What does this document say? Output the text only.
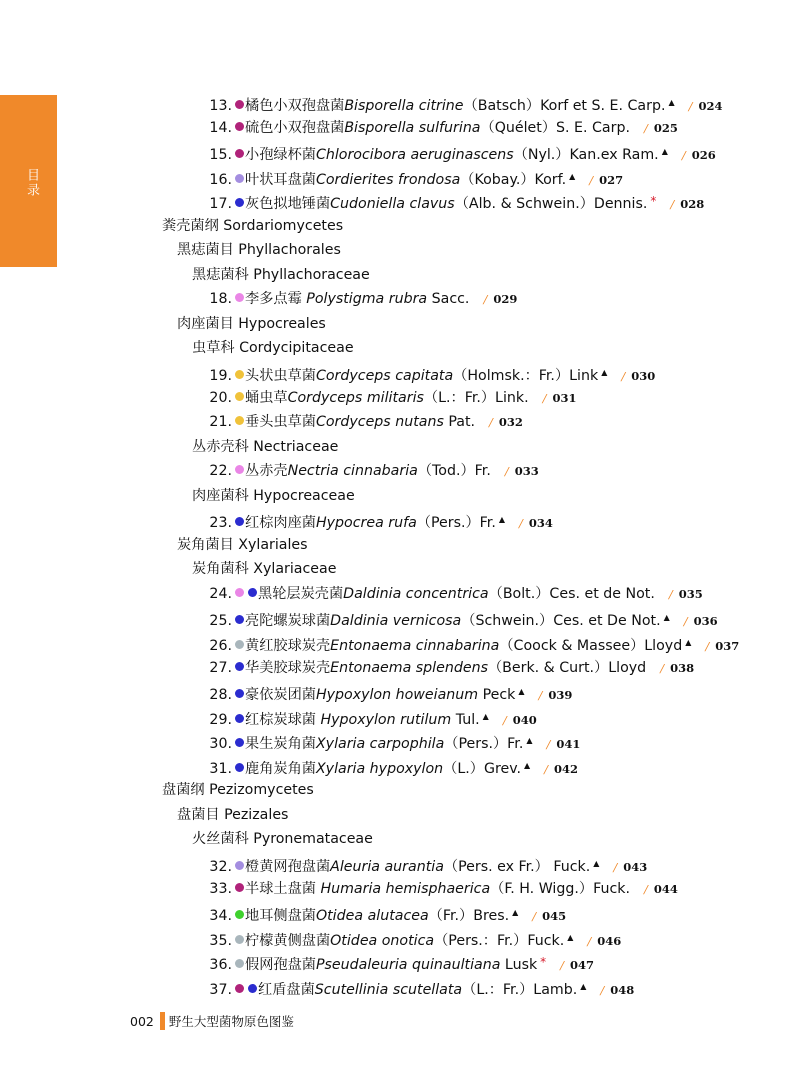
目录
13. 橘色小双孢盘菌Bisporella citrine（Batsch）Korf et S. E. Carp. ▲ / 024
14. 硫色小双孢盘菌Bisporella sulfurina（Quélet）S. E. Carp. / 025
15. 小孢绿杯菌Chlorocibora aeruginascens（Nyl.）Kan.ex Ram. ▲ / 026
16. 叶状耳盘菌Cordierites frondosa（Kobay.）Korf. ▲ / 027
17. 灰色拟地锤菌Cudoniella clavus（Alb. & Schwein.）Dennis. * / 028
粪壳菌纲 Sordariomycetes
黑痣菌目 Phyllachorales
黑痣菌科 Phyllachoraceae
18. 李多点霉 Polystigma rubra Sacc. / 029
肉座菌目 Hypocreales
虫草科 Cordycipitaceae
19. 头状虫草菌Cordyceps capitata（Holmsk.：Fr.）Link ▲ / 030
20. 蛹虫草Cordyceps militaris（L.：Fr.）Link. / 031
21. 垂头虫草菌Cordyceps nutans Pat. / 032
丛赤壳科 Nectriaceae
22. 丛赤壳Nectria cinnabaria（Tod.）Fr. / 033
肉座菌科 Hypocreaceae
23. 红棕肉座菌Hypocrea rufa（Pers.）Fr. ▲ / 034
炭角菌目 Xylariales
炭角菌科 Xylariaceae
24. 黑轮层炭壳菌Daldinia concentrica（Bolt.）Ces. et de Not. / 035
25. 亮陀螺炭球菌Daldinia vernicosa（Schwein.）Ces. et De Not. ▲ / 036
26. 黄红胶球炭壳Entonaema cinnabarina（Coock & Massee）Lloyd ▲ / 037
27. 华美胶球炭壳Entonaema splendens（Berk. & Curt.）Lloyd / 038
28. 豪依炭团菌Hypoxylon howeianum Peck ▲ / 039
29. 红棕炭球菌 Hypoxylon rutilum Tul. ▲ / 040
30. 果生炭角菌Xylaria carpophila（Pers.）Fr. ▲ / 041
31. 鹿角炭角菌Xylaria hypoxylon（L.）Grev. ▲ / 042
盘菌纲 Pezizomycetes
盘菌目 Pezizales
火丝菌科 Pyronemataceae
32. 橙黄网孢盘菌Aleuria aurantia（Pers. ex Fr.） Fuck. ▲ / 043
33. 半球土盘菌 Humaria hemisphaerica（F. H. Wigg.）Fuck. / 044
34. 地耳侧盘菌Otidea alutacea（Fr.）Bres. ▲ / 045
35. 柠檬黄侧盘菌Otidea onotica（Pers.：Fr.）Fuck. ▲ / 046
36. 假网孢盘菌Pseudaleuria quinaultiana Lusk * / 047
37. 红盾盘菌Scutellinia scutellata（L.：Fr.）Lamb. ▲ / 048
002 野生大型菌物原色图鉴
